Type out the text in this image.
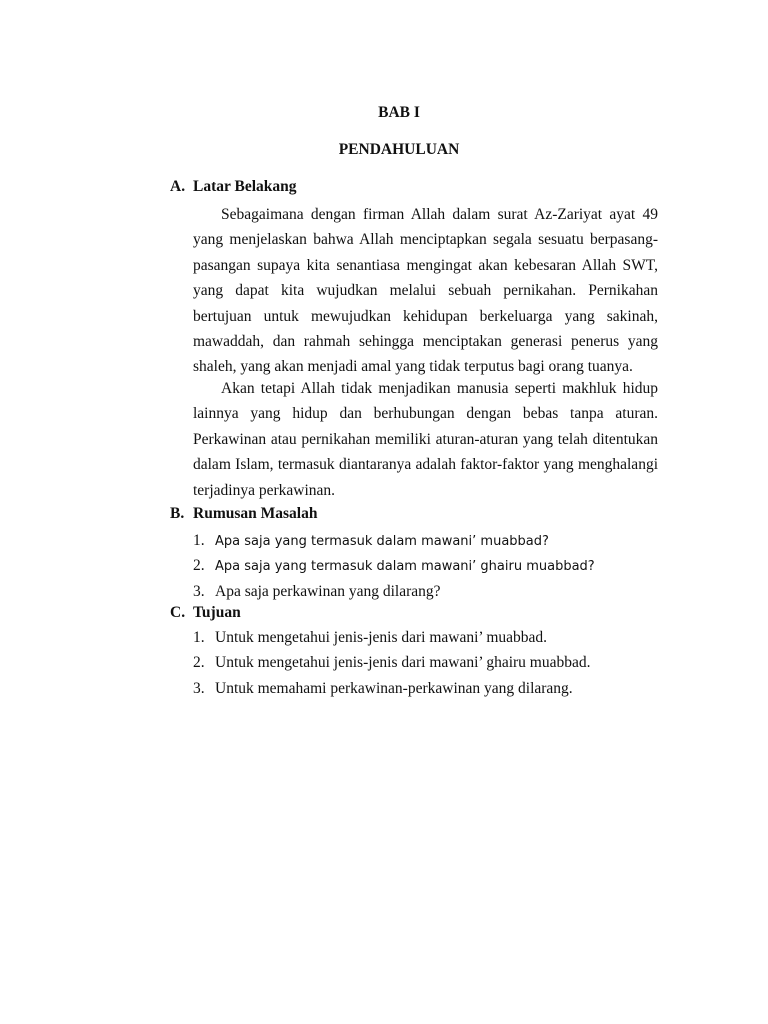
BAB I
PENDAHULUAN
A. Latar Belakang

Sebagaimana dengan firman Allah dalam surat Az-Zariyat ayat 49 yang menjelaskan bahwa Allah menciptapkan segala sesuatu berpasang-pasangan supaya kita senantiasa mengingat akan kebesaran Allah SWT, yang dapat kita wujudkan melalui sebuah pernikahan. Pernikahan bertujuan untuk mewujudkan kehidupan berkeluarga yang sakinah, mawaddah, dan rahmah sehingga menciptakan generasi penerus yang shaleh, yang akan menjadi amal yang tidak terputus bagi orang tuanya.

Akan tetapi Allah tidak menjadikan manusia seperti makhluk hidup lainnya yang hidup dan berhubungan dengan bebas tanpa aturan. Perkawinan atau pernikahan memiliki aturan-aturan yang telah ditentukan dalam Islam, termasuk diantaranya adalah faktor-faktor yang menghalangi terjadinya perkawinan.

B. Rumusan Masalah
1. Apa saja yang termasuk dalam mawani’ muabbad?
2. Apa saja yang termasuk dalam mawani’ ghairu muabbad?
3. Apa saja perkawinan yang dilarang?
C. Tujuan
1. Untuk mengetahui jenis-jenis dari mawani’ muabbad.
2. Untuk mengetahui jenis-jenis dari mawani’ ghairu muabbad.
3. Untuk memahami perkawinan-perkawinan yang dilarang.
